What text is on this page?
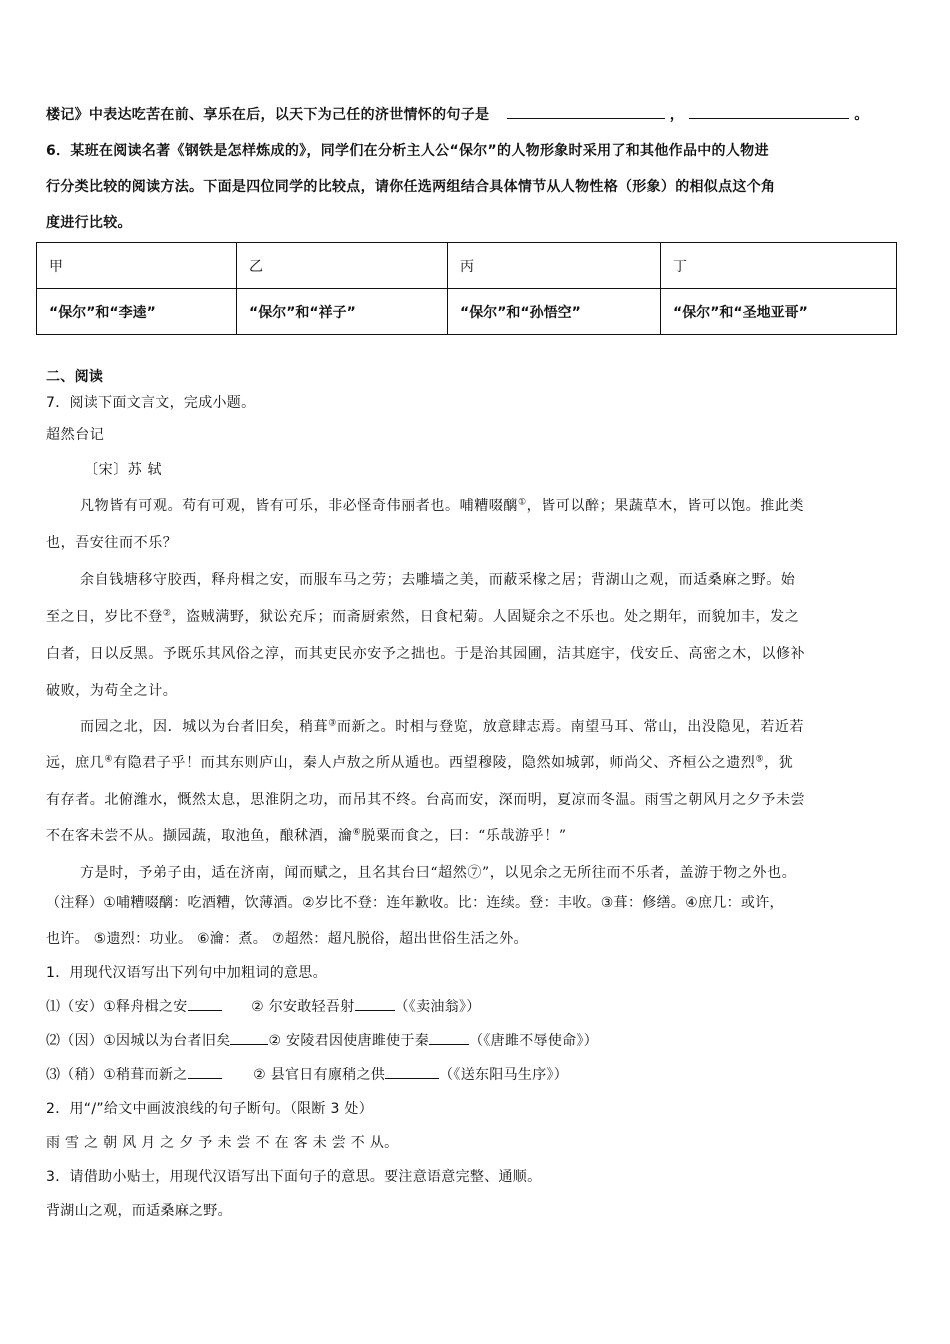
楼记》中表达吃苦在前、享乐在后，以天下为己任的济世情怀的句子是	，	。
6．某班在阅读名著《钢铁是怎样炼成的》，同学们在分析主人公“保尔”的人物形象时采用了和其他作品中的人物进
行分类比较的阅读方法。下面是四位同学的比较点，请你任选两组结合具体情节从人物性格（形象）的相似点这个角
度进行比较。
甲	乙	丙	丁
“保尔”和“李逵”	“保尔”和“祥子”	“保尔”和“孙悟空”	“保尔”和“圣地亚哥”
二、阅读
7．阅读下面文言文，完成小题。
超然台记
〔宋〕苏 轼
凡物皆有可观。苟有可观，皆有可乐，非必怪奇伟丽者也。哺糟啜醨①，皆可以醉；果蔬草木，皆可以饱。推此类
也，吾安往而不乐？
余自钱塘移守胶西，释舟楫之安，而服车马之劳；去雕墙之美，而蔽采椽之居；背湖山之观，而适桑麻之野。始
至之日，岁比不登②，盗贼满野，狱讼充斥；而斋厨索然，日食杞菊。人固疑余之不乐也。处之期年，而貌加丰，发之
白者，日以反黑。予既乐其风俗之淳，而其吏民亦安予之拙也。于是治其园圃，洁其庭宇，伐安丘、高密之木，以修补
破败，为苟全之计。
而园之北，因．城以为台者旧矣，稍葺③而新之。时相与登览，放意肆志焉。南望马耳、常山，出没隐见，若近若
远，庶几④有隐君子乎！而其东则庐山，秦人卢敖之所从遁也。西望穆陵，隐然如城郭，师尚父、齐桓公之遗烈⑤，犹
有存者。北俯潍水，慨然太息，思淮阴之功，而吊其不终。台高而安，深而明，夏凉而冬温。雨雪之朝风月之夕予未尝
不在客未尝不从。撷园蔬，取池鱼，酿秫酒，瀹⑥脱粟而食之，曰：“乐哉游乎！”
方是时，予弟子由，适在济南，闻而赋之，且名其台曰“超然⑦”，以见余之无所往而不乐者，盖游于物之外也。
（注释）①哺糟啜醨：吃酒糟，饮薄酒。②岁比不登：连年歉收。比：连续。登：丰收。③葺：修缮。④庶几：或许，
也许。 ⑤遗烈：功业。 ⑥瀹：煮。 ⑦超然：超凡脱俗，超出世俗生活之外。
1．用现代汉语写出下列句中加粗词的意思。
⑴（安）①释舟楫之安	② 尔安敢轻吾射	（《卖油翁》）
⑵（因）①因城以为台者旧矣	② 安陵君因使唐雎使于秦	（《唐雎不辱使命》）
⑶（稍）①稍葺而新之	② 县官日有廪稍之供	（《送东阳马生序》）
2．用“/”给文中画波浪线的句子断句。（限断 3 处）
雨 雪 之 朝 风 月 之 夕 予 未 尝 不 在 客 未 尝 不 从。
3．请借助小贴士，用现代汉语写出下面句子的意思。要注意语意完整、通顺。
背湖山之观，而适桑麻之野。
